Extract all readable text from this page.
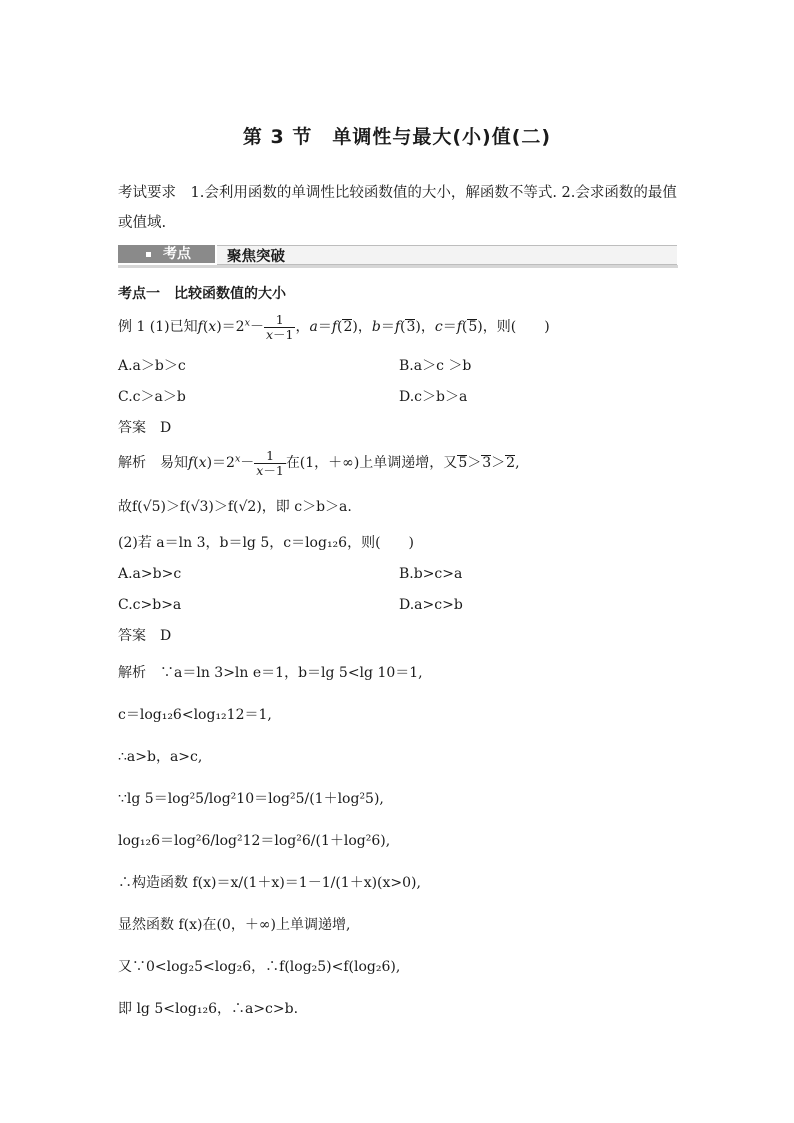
第 3 节　单调性与最大(小)值(二)
考试要求　 1.会利用函数的单调性比较函数值的大小，解函数不等式. 2.会求函数的最值或值域.
考点 聚焦突破
考点一　比较函数值的大小
例 1 (1)已知$f(x)=2^x- \frac{1}{x-1}$ ，a＝f(2)，b＝f(3)，c＝f(5)，则(　　)
A.a＞b＞c	B.a＞c ＞b
C.c＞a＞b	D.c＞b＞a
答案　 D
解析　 易知$f(x)=2^x- \frac{1}{x-1}$ 在(1，＋∞)上单调递增，又5＞3＞2,
故f(√5)＞f(√3)＞f(√2)，即 c＞b＞a.
(2)若 a＝ln 3，b＝lg 5，c＝log₁₂6，则(　　)
A.a>b>c	B.b>c>a
C.c>b>a	D.a>c>b
答案　 D
解析　 ∵a＝ln 3>ln e＝1，b＝lg 5<lg 10＝1,
c＝log₁₂6<log₁₂12＝1,
∴a>b，a>c,
∵lg 5＝log²5/log²10＝log²5/(1＋log²5),
log₁₂6＝log²6/log²12＝log²6/(1＋log²6),
∴构造函数 f(x)＝x/(1＋x)＝1－1/(1＋x)(x>0),
显然函数 f(x)在(0，＋∞)上单调递增,
又∵0<log₂5<log₂6，∴f(log₂5)<f(log₂6),
即 lg 5<log₁₂6，∴a>c>b.
